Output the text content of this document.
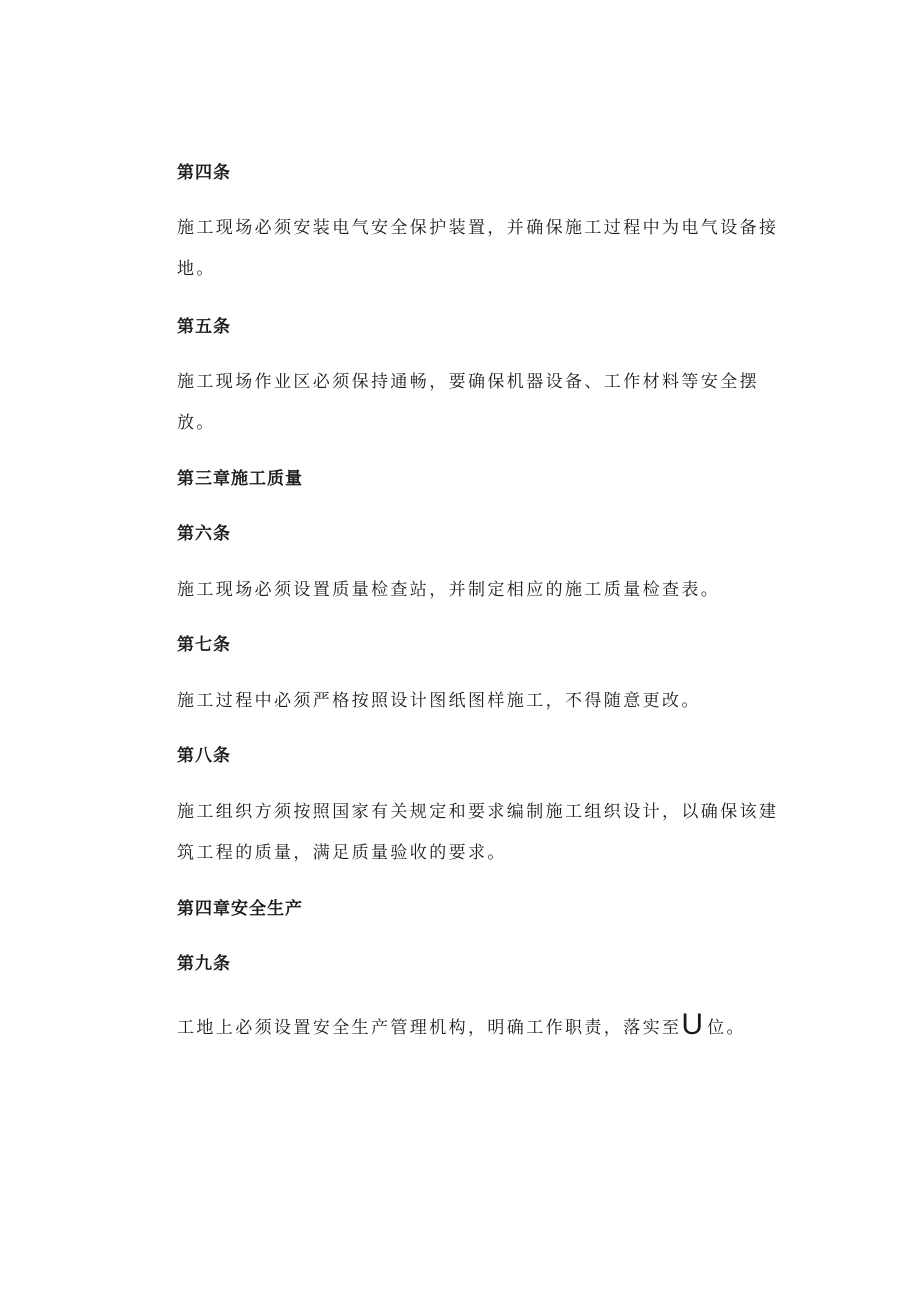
第四条
施工现场必须安装电气安全保护装置，并确保施工过程中为电气设备接
地。
第五条
施工现场作业区必须保持通畅，要确保机器设备、工作材料等安全摆
放。
第三章施工质量
第六条
施工现场必须设置质量检查站，并制定相应的施工质量检查表。
第七条
施工过程中必须严格按照设计图纸图样施工，不得随意更改。
第八条
施工组织方须按照国家有关规定和要求编制施工组织设计，以确保该建
筑工程的质量，满足质量验收的要求。
第四章安全生产
第九条
工地上必须设置安全生产管理机构，明确工作职责，落实至U 位。
